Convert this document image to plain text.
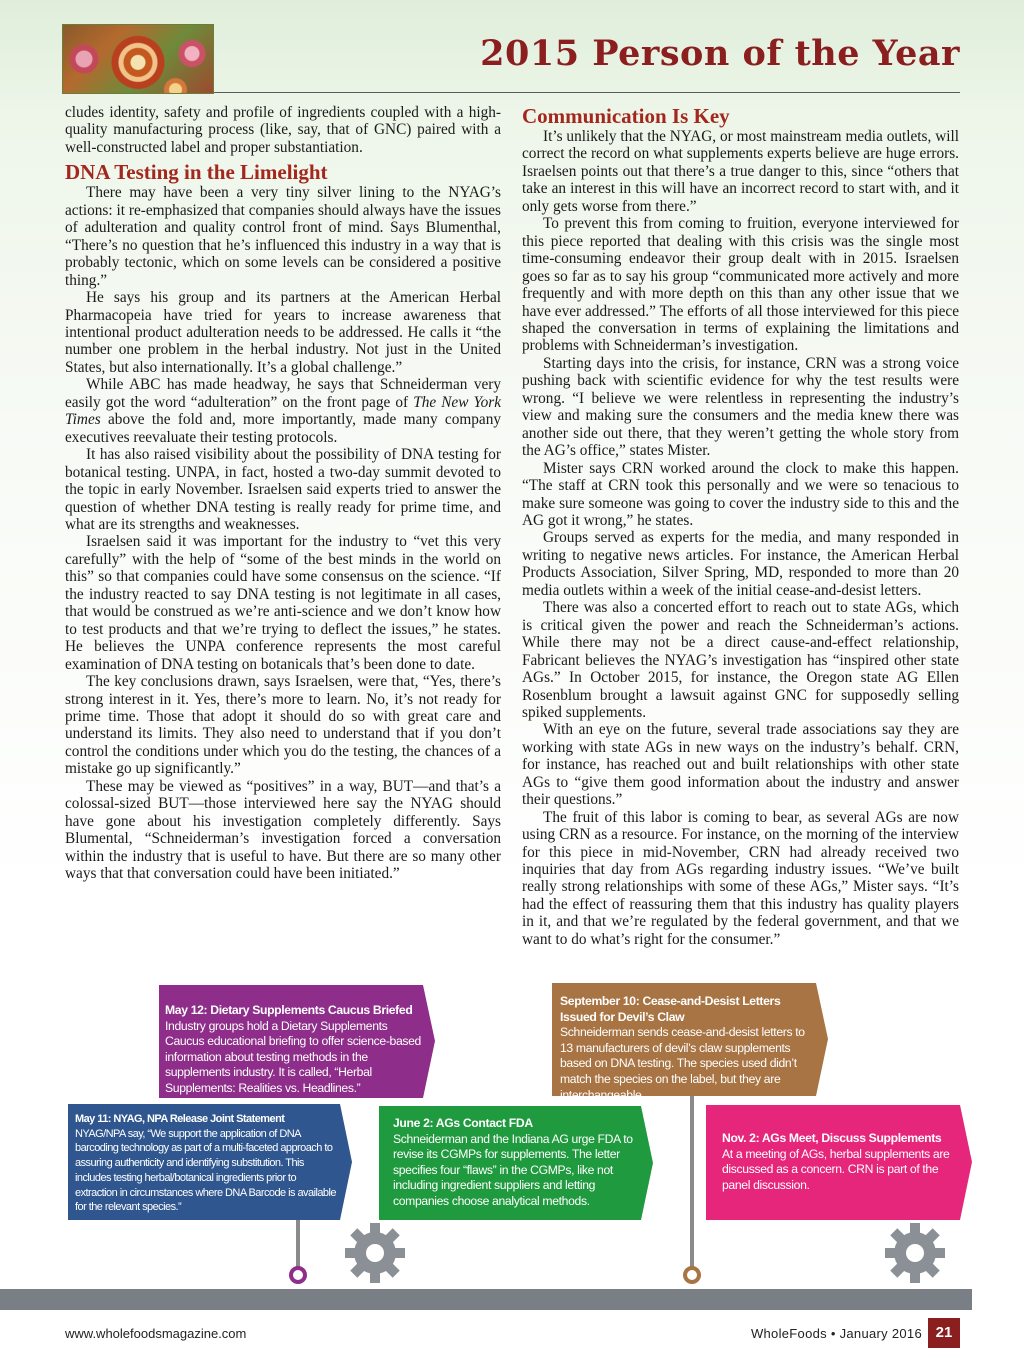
2015 Person of the Year

cludes identity, safety and profile of ingredients coupled with a high-quality manufacturing process (like, say, that of GNC) paired with a well-constructed label and proper substantiation.

DNA Testing in the Limelight

There may have been a very tiny silver lining to the NYAG’s actions: it re-emphasized that companies should always have the issues of adulteration and quality control front of mind. Says Blumenthal, “There’s no question that he’s influenced this industry in a way that is probably tectonic, which on some levels can be considered a positive thing.”

He says his group and its partners at the American Herbal Pharmacopeia have tried for years to increase awareness that intentional product adulteration needs to be addressed. He calls it “the number one problem in the herbal industry. Not just in the United States, but also internationally. It’s a global challenge.”

While ABC has made headway, he says that Schneiderman very easily got the word “adulteration” on the front page of The New York Times above the fold and, more importantly, made many company executives reevaluate their testing protocols.

It has also raised visibility about the possibility of DNA testing for botanical testing. UNPA, in fact, hosted a two-day summit devoted to the topic in early November. Israelsen said experts tried to answer the question of whether DNA testing is really ready for prime time, and what are its strengths and weaknesses.

Israelsen said it was important for the industry to “vet this very carefully” with the help of “some of the best minds in the world on this” so that companies could have some consensus on the science. “If the industry reacted to say DNA testing is not legitimate in all cases, that would be construed as we’re anti-science and we don’t know how to test products and that we’re trying to deflect the issues,” he states. He believes the UNPA conference represents the most careful examination of DNA testing on botanicals that’s been done to date.

The key conclusions drawn, says Israelsen, were that, “Yes, there’s strong interest in it. Yes, there’s more to learn. No, it’s not ready for prime time. Those that adopt it should do so with great care and understand its limits. They also need to understand that if you don’t control the conditions under which you do the testing, the chances of a mistake go up significantly.”

These may be viewed as “positives” in a way, BUT—and that’s a colossal-sized BUT—those interviewed here say the NYAG should have gone about his investigation completely differently. Says Blumental, “Schneiderman’s investigation forced a conversation within the industry that is useful to have. But there are so many other ways that that conversation could have been initiated.”

Communication Is Key

It’s unlikely that the NYAG, or most mainstream media outlets, will correct the record on what supplements experts believe are huge errors. Israelsen points out that there’s a true danger to this, since “others that take an interest in this will have an incorrect record to start with, and it only gets worse from there.”

To prevent this from coming to fruition, everyone interviewed for this piece reported that dealing with this crisis was the single most time-consuming endeavor their group dealt with in 2015. Israelsen goes so far as to say his group “communicated more actively and more frequently and with more depth on this than any other issue that we have ever addressed.” The efforts of all those interviewed for this piece shaped the conversation in terms of explaining the limitations and problems with Schneiderman’s investigation.

Starting days into the crisis, for instance, CRN was a strong voice pushing back with scientific evidence for why the test results were wrong. “I believe we were relentless in representing the industry’s view and making sure the consumers and the media knew there was another side out there, that they weren’t getting the whole story from the AG’s office,” states Mister.

Mister says CRN worked around the clock to make this happen. “The staff at CRN took this personally and we were so tenacious to make sure someone was going to cover the industry side to this and the AG got it wrong,” he states.

Groups served as experts for the media, and many responded in writing to negative news articles. For instance, the American Herbal Products Association, Silver Spring, MD, responded to more than 20 media outlets within a week of the initial cease-and-desist letters.

There was also a concerted effort to reach out to state AGs, which is critical given the power and reach the Schneiderman’s actions. While there may not be a direct cause-and-effect relationship, Fabricant believes the NYAG’s investigation has “inspired other state AGs.” In October 2015, for instance, the Oregon state AG Ellen Rosenblum brought a lawsuit against GNC for supposedly selling spiked supplements.

With an eye on the future, several trade associations say they are working with state AGs in new ways on the industry’s behalf. CRN, for instance, has reached out and built relationships with other state AGs to “give them good information about the industry and answer their questions.”

The fruit of this labor is coming to bear, as several AGs are now using CRN as a resource. For instance, on the morning of the interview for this piece in mid-November, CRN had already received two inquiries that day from AGs regarding industry issues. “We’ve built really strong relationships with some of these AGs,” Mister says. “It’s had the effect of reassuring them that this industry has quality players in it, and that we’re regulated by the federal government, and that we want to do what’s right for the consumer.”

May 12: Dietary Supplements Caucus Briefed
Industry groups hold a Dietary Supplements Caucus educational briefing to offer science-based information about testing methods in the supplements industry. It is called, “Herbal Supplements: Realities vs. Headlines.”
May 11: NYAG, NPA Release Joint Statement
NYAG/NPA say, “We support the application of DNA barcoding technology as part of a multi-faceted approach to assuring authenticity and identifying substitution. This includes testing herbal/botanical ingredients prior to extraction in circumstances where DNA Barcode is available for the relevant species.”
June 2: AGs Contact FDA
Schneiderman and the Indiana AG urge FDA to revise its CGMPs for supplements. The letter specifies four “flaws” in the CGMPs, like not including ingredient suppliers and letting companies choose analytical methods.
September 10: Cease-and-Desist Letters Issued for Devil’s Claw
Schneiderman sends cease-and-desist letters to 13 manufacturers of devil’s claw supplements based on DNA testing. The species used didn’t match the species on the label, but they are interchangeable.
Nov. 2: AGs Meet, Discuss Supplements
At a meeting of AGs, herbal supplements are discussed as a concern. CRN is part of the panel discussion.
www.wholefoodsmagazine.com	WholeFoods • January 2016 21
